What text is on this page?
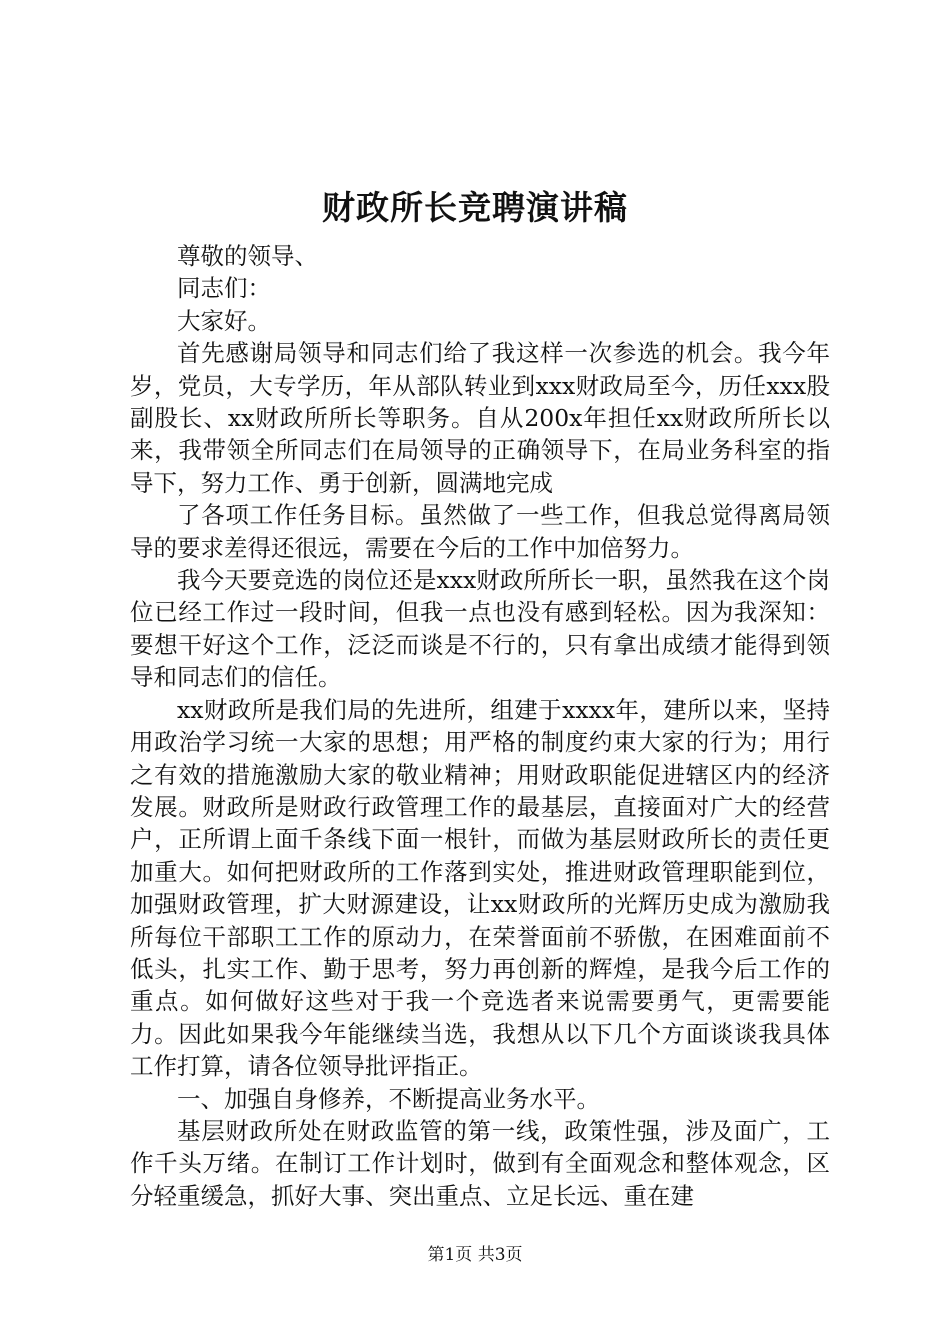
财政所长竞聘演讲稿

尊敬的领导、

同志们：

大家好。

首先感谢局领导和同志们给了我这样一次参选的机会。我今年岁，党员，大专学历，年从部队转业到xxx财政局至今，历任xxx股副股长、xx财政所所长等职务。自从200x年担任xx财政所所长以来，我带领全所同志们在局领导的正确领导下，在局业务科室的指导下，努力工作、勇于创新，圆满地完成

了各项工作任务目标。虽然做了一些工作，但我总觉得离局领导的要求差得还很远，需要在今后的工作中加倍努力。

我今天要竞选的岗位还是xxx财政所所长一职，虽然我在这个岗位已经工作过一段时间，但我一点也没有感到轻松。因为我深知：要想干好这个工作，泛泛而谈是不行的，只有拿出成绩才能得到领导和同志们的信任。

xx财政所是我们局的先进所，组建于xxxx年，建所以来，坚持用政治学习统一大家的思想；用严格的制度约束大家的行为；用行之有效的措施激励大家的敬业精神；用财政职能促进辖区内的经济发展。财政所是财政行政管理工作的最基层，直接面对广大的经营户，正所谓上面千条线下面一根针，而做为基层财政所长的责任更加重大。如何把财政所的工作落到实处，推进财政管理职能到位，加强财政管理，扩大财源建设，让xx财政所的光辉历史成为激励我所每位干部职工工作的原动力，在荣誉面前不骄傲，在困难面前不低头，扎实工作、勤于思考，努力再创新的辉煌，是我今后工作的重点。如何做好这些对于我一个竞选者来说需要勇气，更需要能力。因此如果我今年能继续当选，我想从以下几个方面谈谈我具体工作打算，请各位领导批评指正。

一、加强自身修养，不断提高业务水平。

基层财政所处在财政监管的第一线，政策性强，涉及面广，工作千头万绪。在制订工作计划时，做到有全面观念和整体观念，区分轻重缓急，抓好大事、突出重点、立足长远、重在建

第1页 共3页
